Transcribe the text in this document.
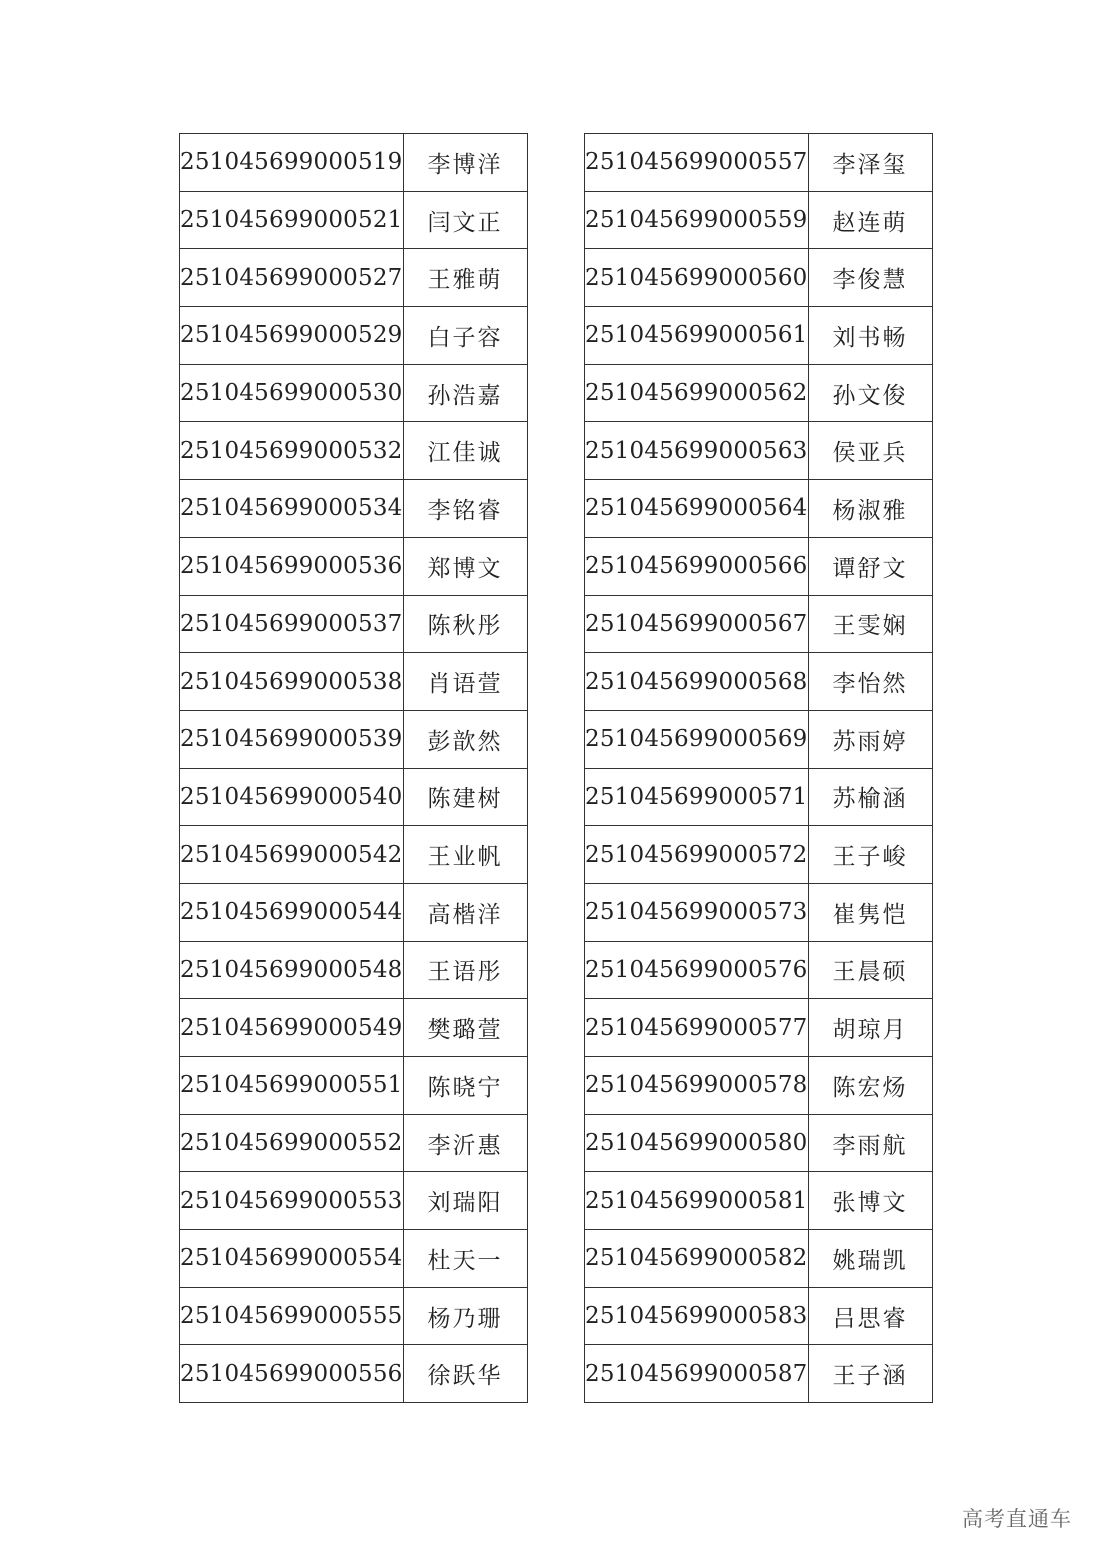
251045699000519	李博洋
251045699000521	闫文正
251045699000527	王雅萌
251045699000529	白子容
251045699000530	孙浩嘉
251045699000532	江佳诚
251045699000534	李铭睿
251045699000536	郑博文
251045699000537	陈秋彤
251045699000538	肖语萱
251045699000539	彭歆然
251045699000540	陈建树
251045699000542	王业帆
251045699000544	高楷洋
251045699000548	王语彤
251045699000549	樊璐萱
251045699000551	陈晓宁
251045699000552	李沂惠
251045699000553	刘瑞阳
251045699000554	杜天一
251045699000555	杨乃珊
251045699000556	徐跃华
251045699000557	李泽玺
251045699000559	赵连萌
251045699000560	李俊慧
251045699000561	刘书畅
251045699000562	孙文俊
251045699000563	侯亚兵
251045699000564	杨淑雅
251045699000566	谭舒文
251045699000567	王雯娴
251045699000568	李怡然
251045699000569	苏雨婷
251045699000571	苏榆涵
251045699000572	王子峻
251045699000573	崔隽恺
251045699000576	王晨硕
251045699000577	胡琼月
251045699000578	陈宏炀
251045699000580	李雨航
251045699000581	张博文
251045699000582	姚瑞凯
251045699000583	吕思睿
251045699000587	王子涵
高考直通车
